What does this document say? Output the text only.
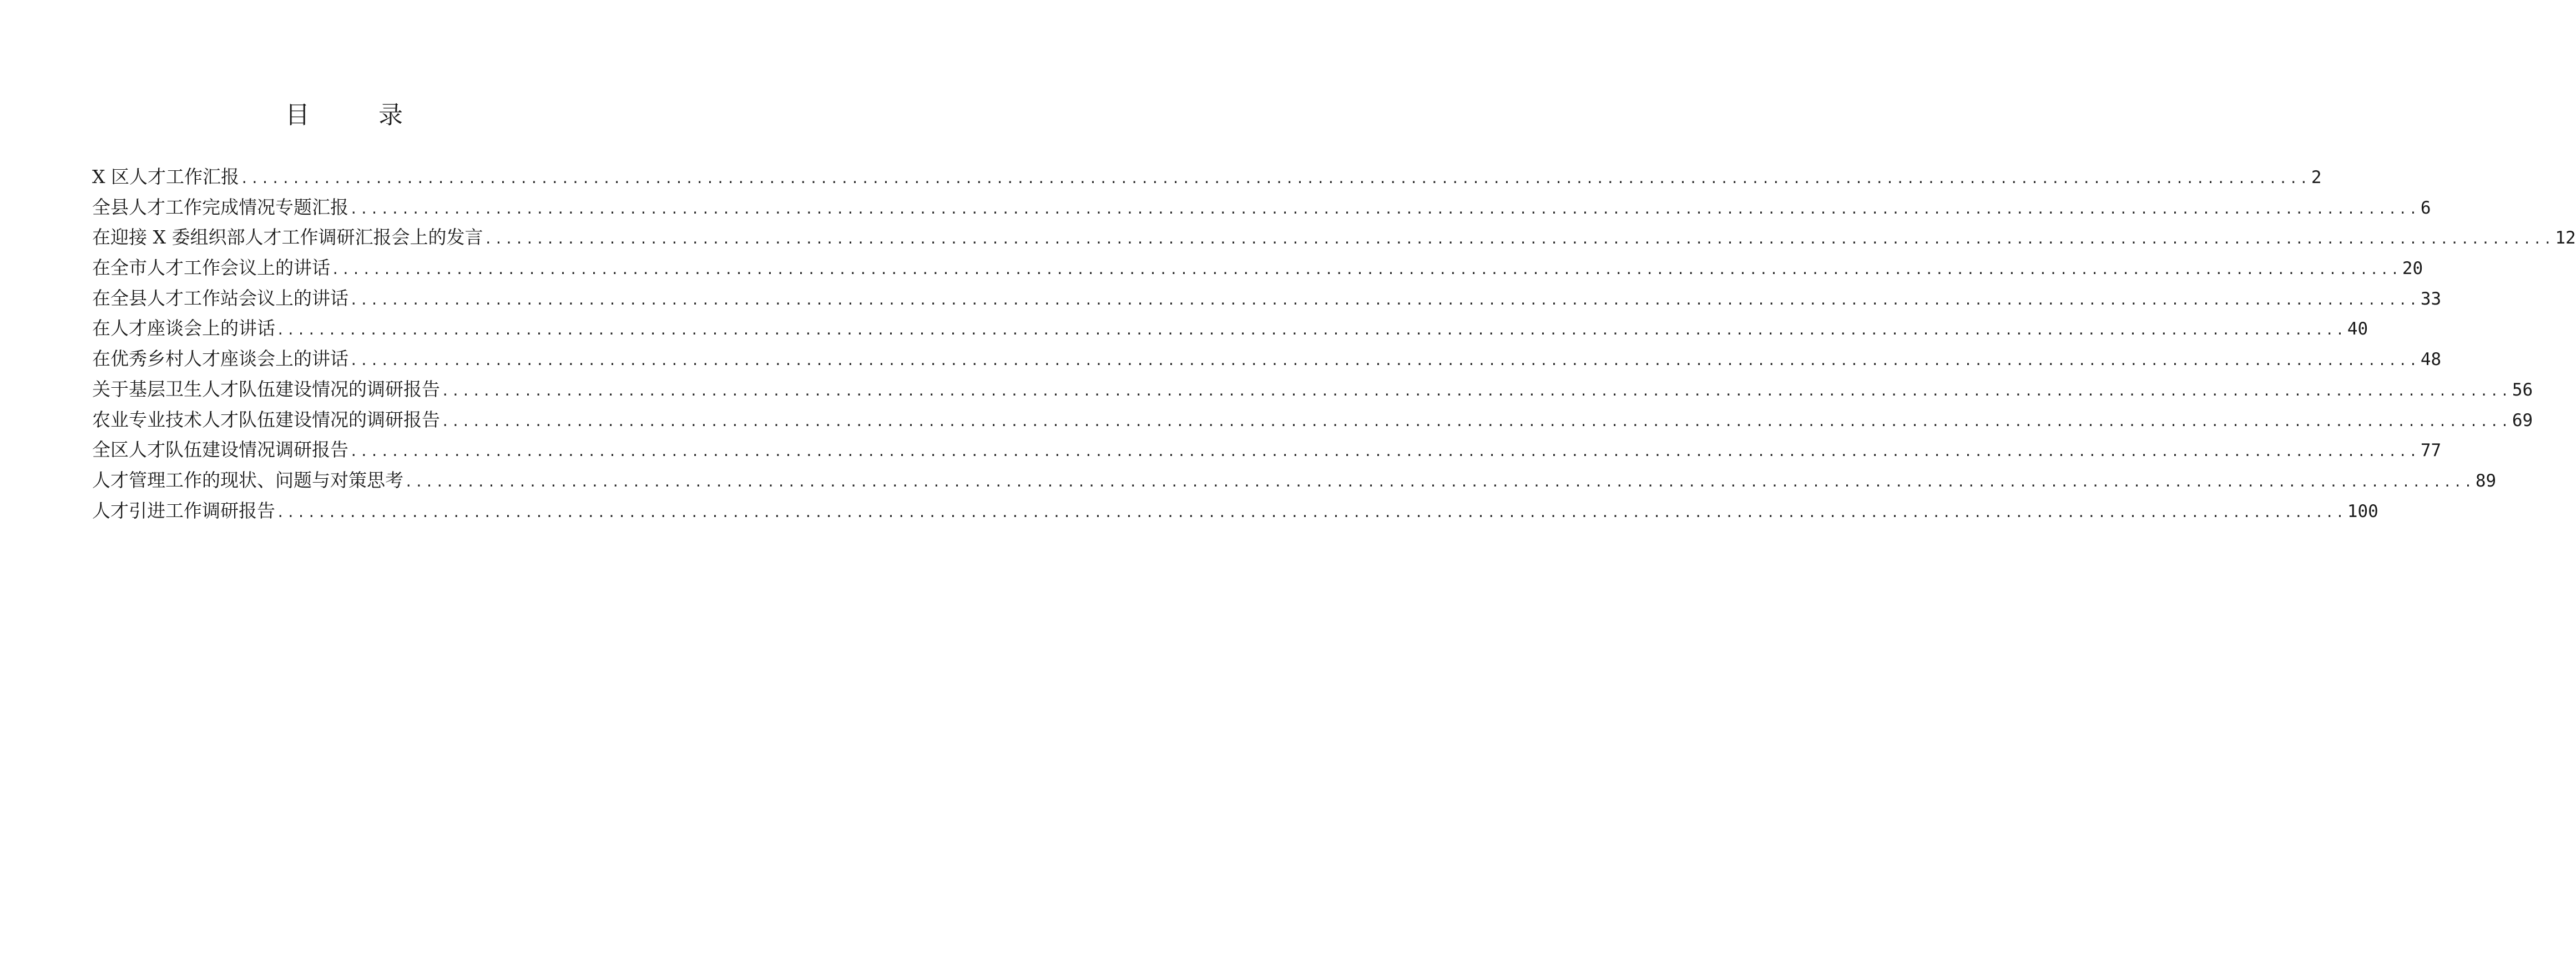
目　录
X 区人才工作汇报 ........................................................................................................................................................................................................ 2
全县人才工作完成情况专题汇报 ........................................................................................................................................................................................................ 6
在迎接 X 委组织部人才工作调研汇报会上的发言 ........................................................................................................................................................................................................ 12
在全市人才工作会议上的讲话 ........................................................................................................................................................................................................ 20
在全县人才工作站会议上的讲话 ........................................................................................................................................................................................................ 33
在人才座谈会上的讲话 ........................................................................................................................................................................................................ 40
在优秀乡村人才座谈会上的讲话 ........................................................................................................................................................................................................ 48
关于基层卫生人才队伍建设情况的调研报告 ........................................................................................................................................................................................................ 56
农业专业技术人才队伍建设情况的调研报告 ........................................................................................................................................................................................................ 69
全区人才队伍建设情况调研报告 ........................................................................................................................................................................................................ 77
人才管理工作的现状、问题与对策思考 ........................................................................................................................................................................................................ 89
人才引进工作调研报告 ........................................................................................................................................................................................................ 100
